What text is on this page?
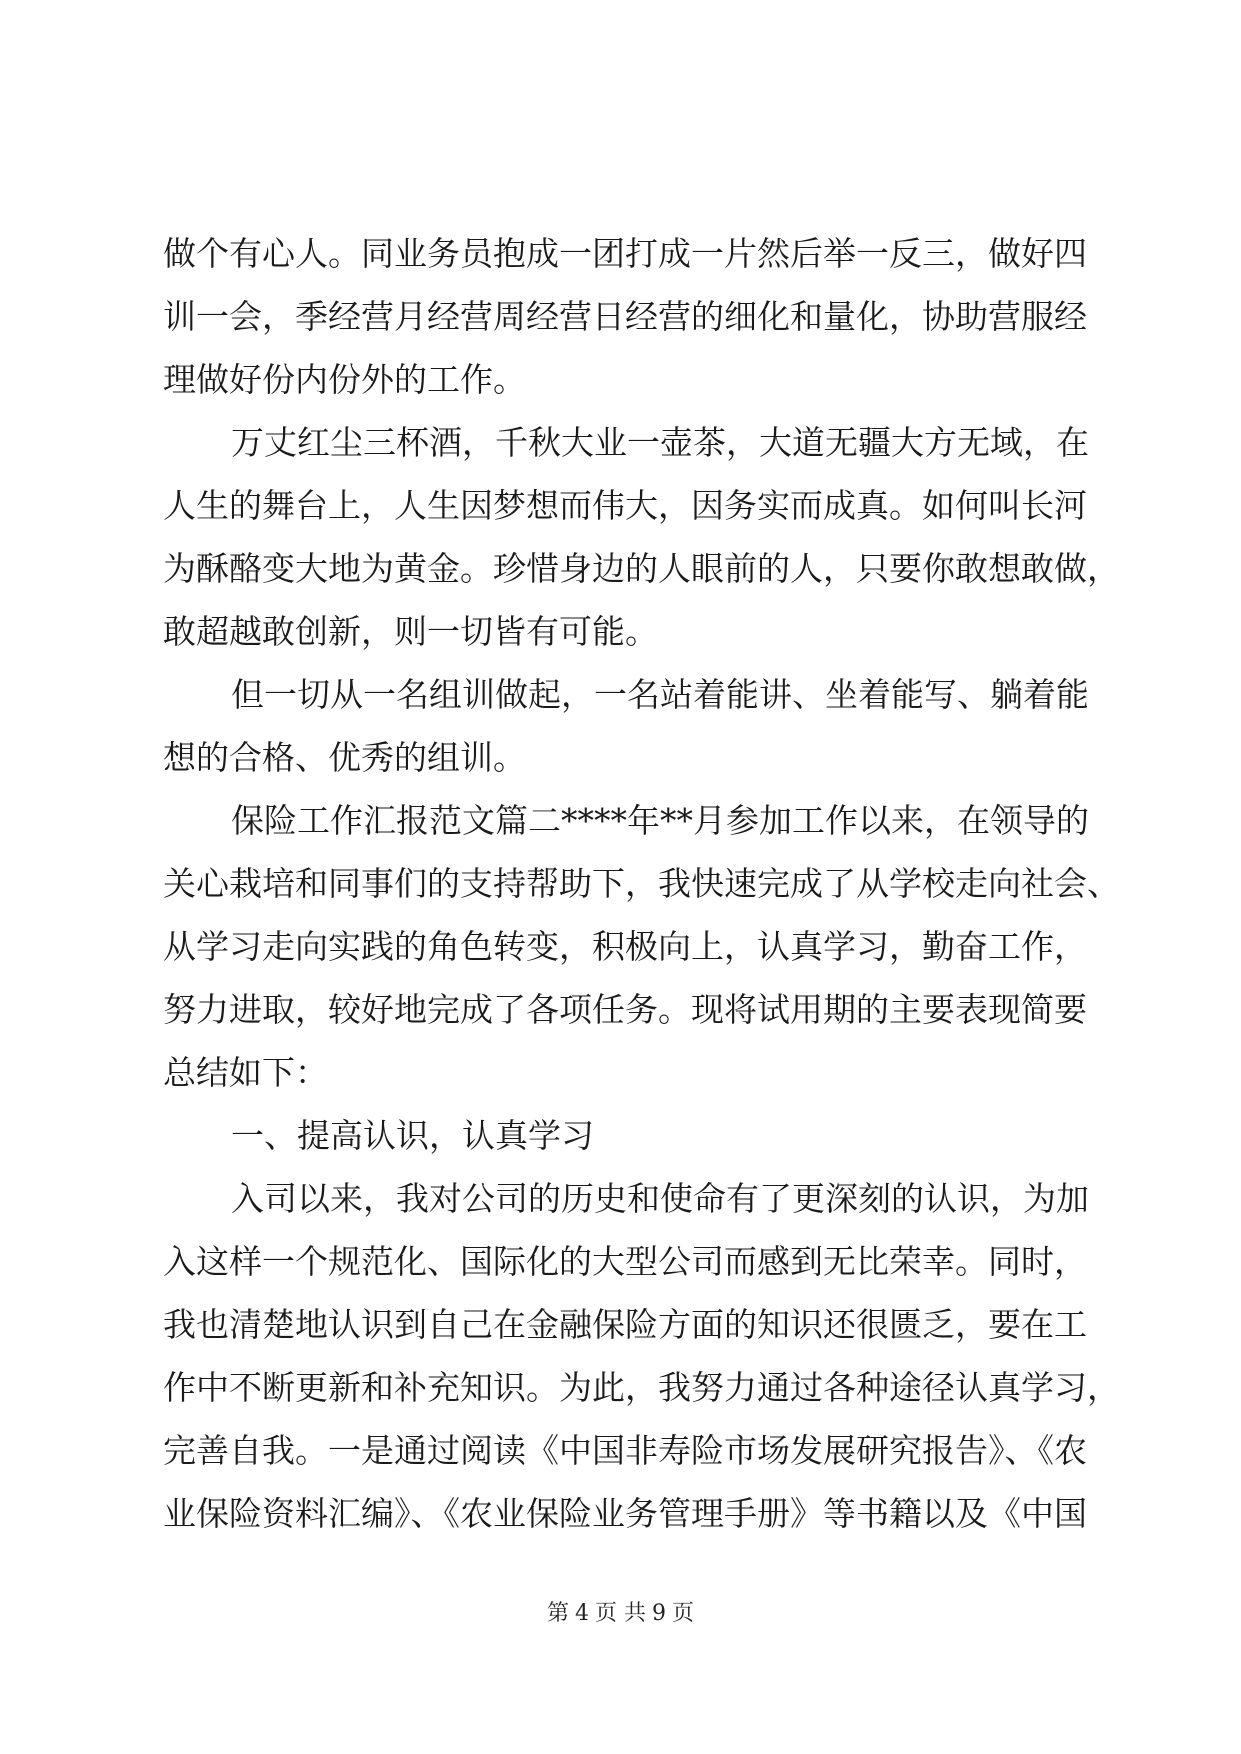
做个有心人。同业务员抱成一团打成一片然后举一反三，做好四
训一会，季经营月经营周经营日经营的细化和量化，协助营服经
理做好份内份外的工作。
万丈红尘三杯酒，千秋大业一壶茶，大道无疆大方无域，在
人生的舞台上，人生因梦想而伟大，因务实而成真。如何叫长河
为酥酪变大地为黄金。珍惜身边的人眼前的人，只要你敢想敢做，
敢超越敢创新，则一切皆有可能。
但一切从一名组训做起，一名站着能讲、坐着能写、躺着能
想的合格、优秀的组训。
保险工作汇报范文篇二****年**月参加工作以来，在领导的
关心栽培和同事们的支持帮助下，我快速完成了从学校走向社会、
从学习走向实践的角色转变，积极向上，认真学习，勤奋工作，
努力进取，较好地完成了各项任务。现将试用期的主要表现简要
总结如下：
一、提高认识，认真学习
入司以来，我对公司的历史和使命有了更深刻的认识，为加
入这样一个规范化、国际化的大型公司而感到无比荣幸。同时，
我也清楚地认识到自己在金融保险方面的知识还很匮乏，要在工
作中不断更新和补充知识。为此，我努力通过各种途径认真学习，
完善自我。一是通过阅读《中国非寿险市场发展研究报告》、《农
业保险资料汇编》、《农业保险业务管理手册》等书籍以及《中国
第 4 页 共 9 页
